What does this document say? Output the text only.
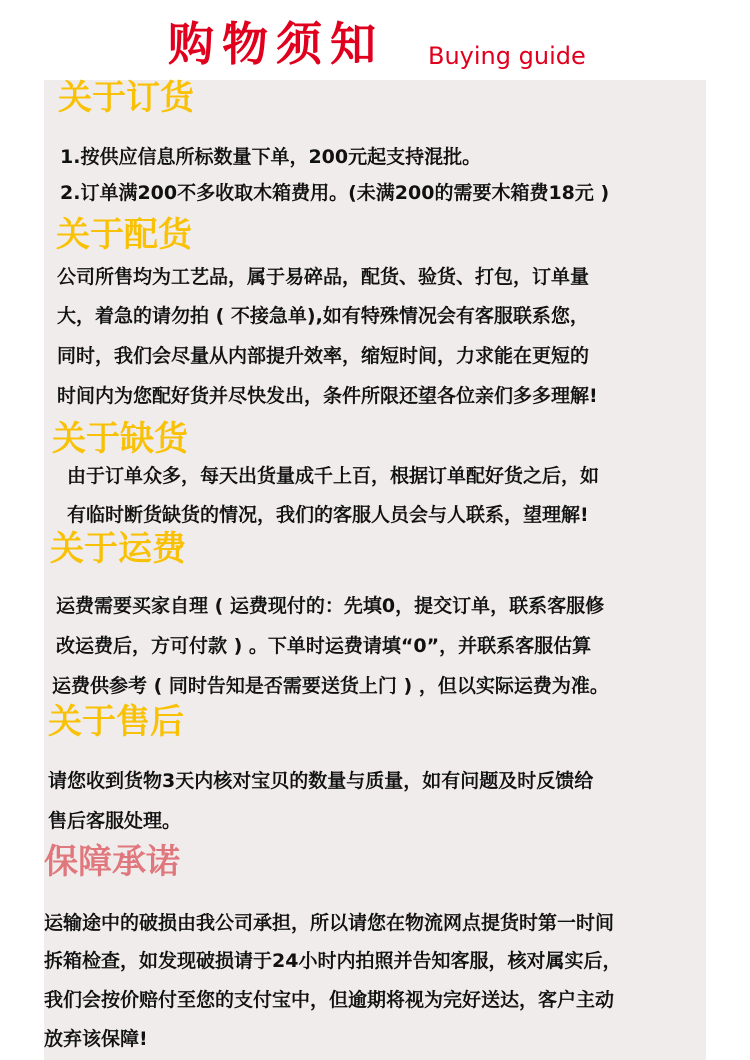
购物须知 Buying guide
关于订货

1.按供应信息所标数量下单，200元起支持混批。

2.订单满200不多收取木箱费用。(未满200的需要木箱费18元 )

关于配货

公司所售均为工艺品，属于易碎品，配货、验货、打包，订单量

大，着急的请勿拍 ( 不接急单),如有特殊情况会有客服联系您，

同时，我们会尽量从内部提升效率，缩短时间，力求能在更短的

时间内为您配好货并尽快发出，条件所限还望各位亲们多多理解!

关于缺货

由于订单众多，每天出货量成千上百，根据订单配好货之后，如

有临时断货缺货的情况，我们的客服人员会与人联系，望理解!

关于运费

运费需要买家自理 ( 运费现付的：先填0，提交订单，联系客服修

改运费后，方可付款 ) 。下单时运费请填“0”，并联系客服估算

运费供参考 ( 同时告知是否需要送货上门 ) ，但以实际运费为准。

关于售后

请您收到货物3天内核对宝贝的数量与质量，如有问题及时反馈给

售后客服处理。

保障承诺

运输途中的破损由我公司承担，所以请您在物流网点提货时第一时间

拆箱检查，如发现破损请于24小时内拍照并告知客服，核对属实后，

我们会按价赔付至您的支付宝中，但逾期将视为完好送达，客户主动

放弃该保障!
